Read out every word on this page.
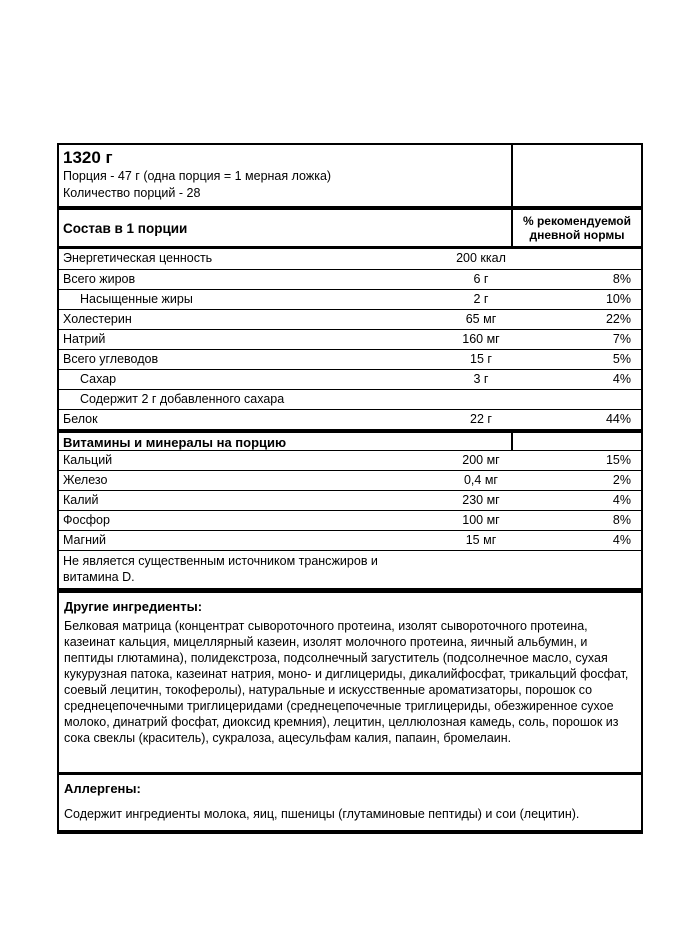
1320 г
Порция - 47 г (одна порция = 1 мерная ложка)
Количество порций - 28
Состав в 1 порции	% рекомендуемой дневной нормы
Энергетическая ценность	200 ккал
Всего жиров	6 г	8%
Насыщенные жиры	2 г	10%
Холестерин	65 мг	22%
Натрий	160 мг	7%
Всего углеводов	15 г	5%
Сахар	3 г	4%
Содержит 2 г добавленного сахара
Белок	22 г	44%
Витамины и минералы на порцию
Кальций	200 мг	15%
Железо	0,4 мг	2%
Калий	230 мг	4%
Фосфор	100 мг	8%
Магний	15 мг	4%
Не является существенным источником трансжиров и
витамина D.
Другие ингредиенты:
Белковая матрица (концентрат сывороточного протеина, изолят сывороточного протеина, казеинат кальция, мицеллярный казеин, изолят молочного протеина, яичный альбумин, и пептиды глютамина), полидекстроза, подсолнечный загуститель (подсолнечное масло, сухая кукурузная патока, казеинат натрия, моно- и диглицериды, дикалийфосфат, трикальций фосфат, соевый лецитин, токоферолы), натуральные и искусственные ароматизаторы, порошок со среднецепочечными триглицеридами (среднецепочечные триглицериды, обезжиренное сухое молоко, динатрий фосфат, диоксид кремния), лецитин, целлюлозная камедь, соль, порошок из сока свеклы (краситель), сукралоза, ацесульфам калия, папаин, бромелаин.
Аллергены:
Содержит ингредиенты молока, яиц, пшеницы (глутаминовые пептиды) и сои (лецитин).
